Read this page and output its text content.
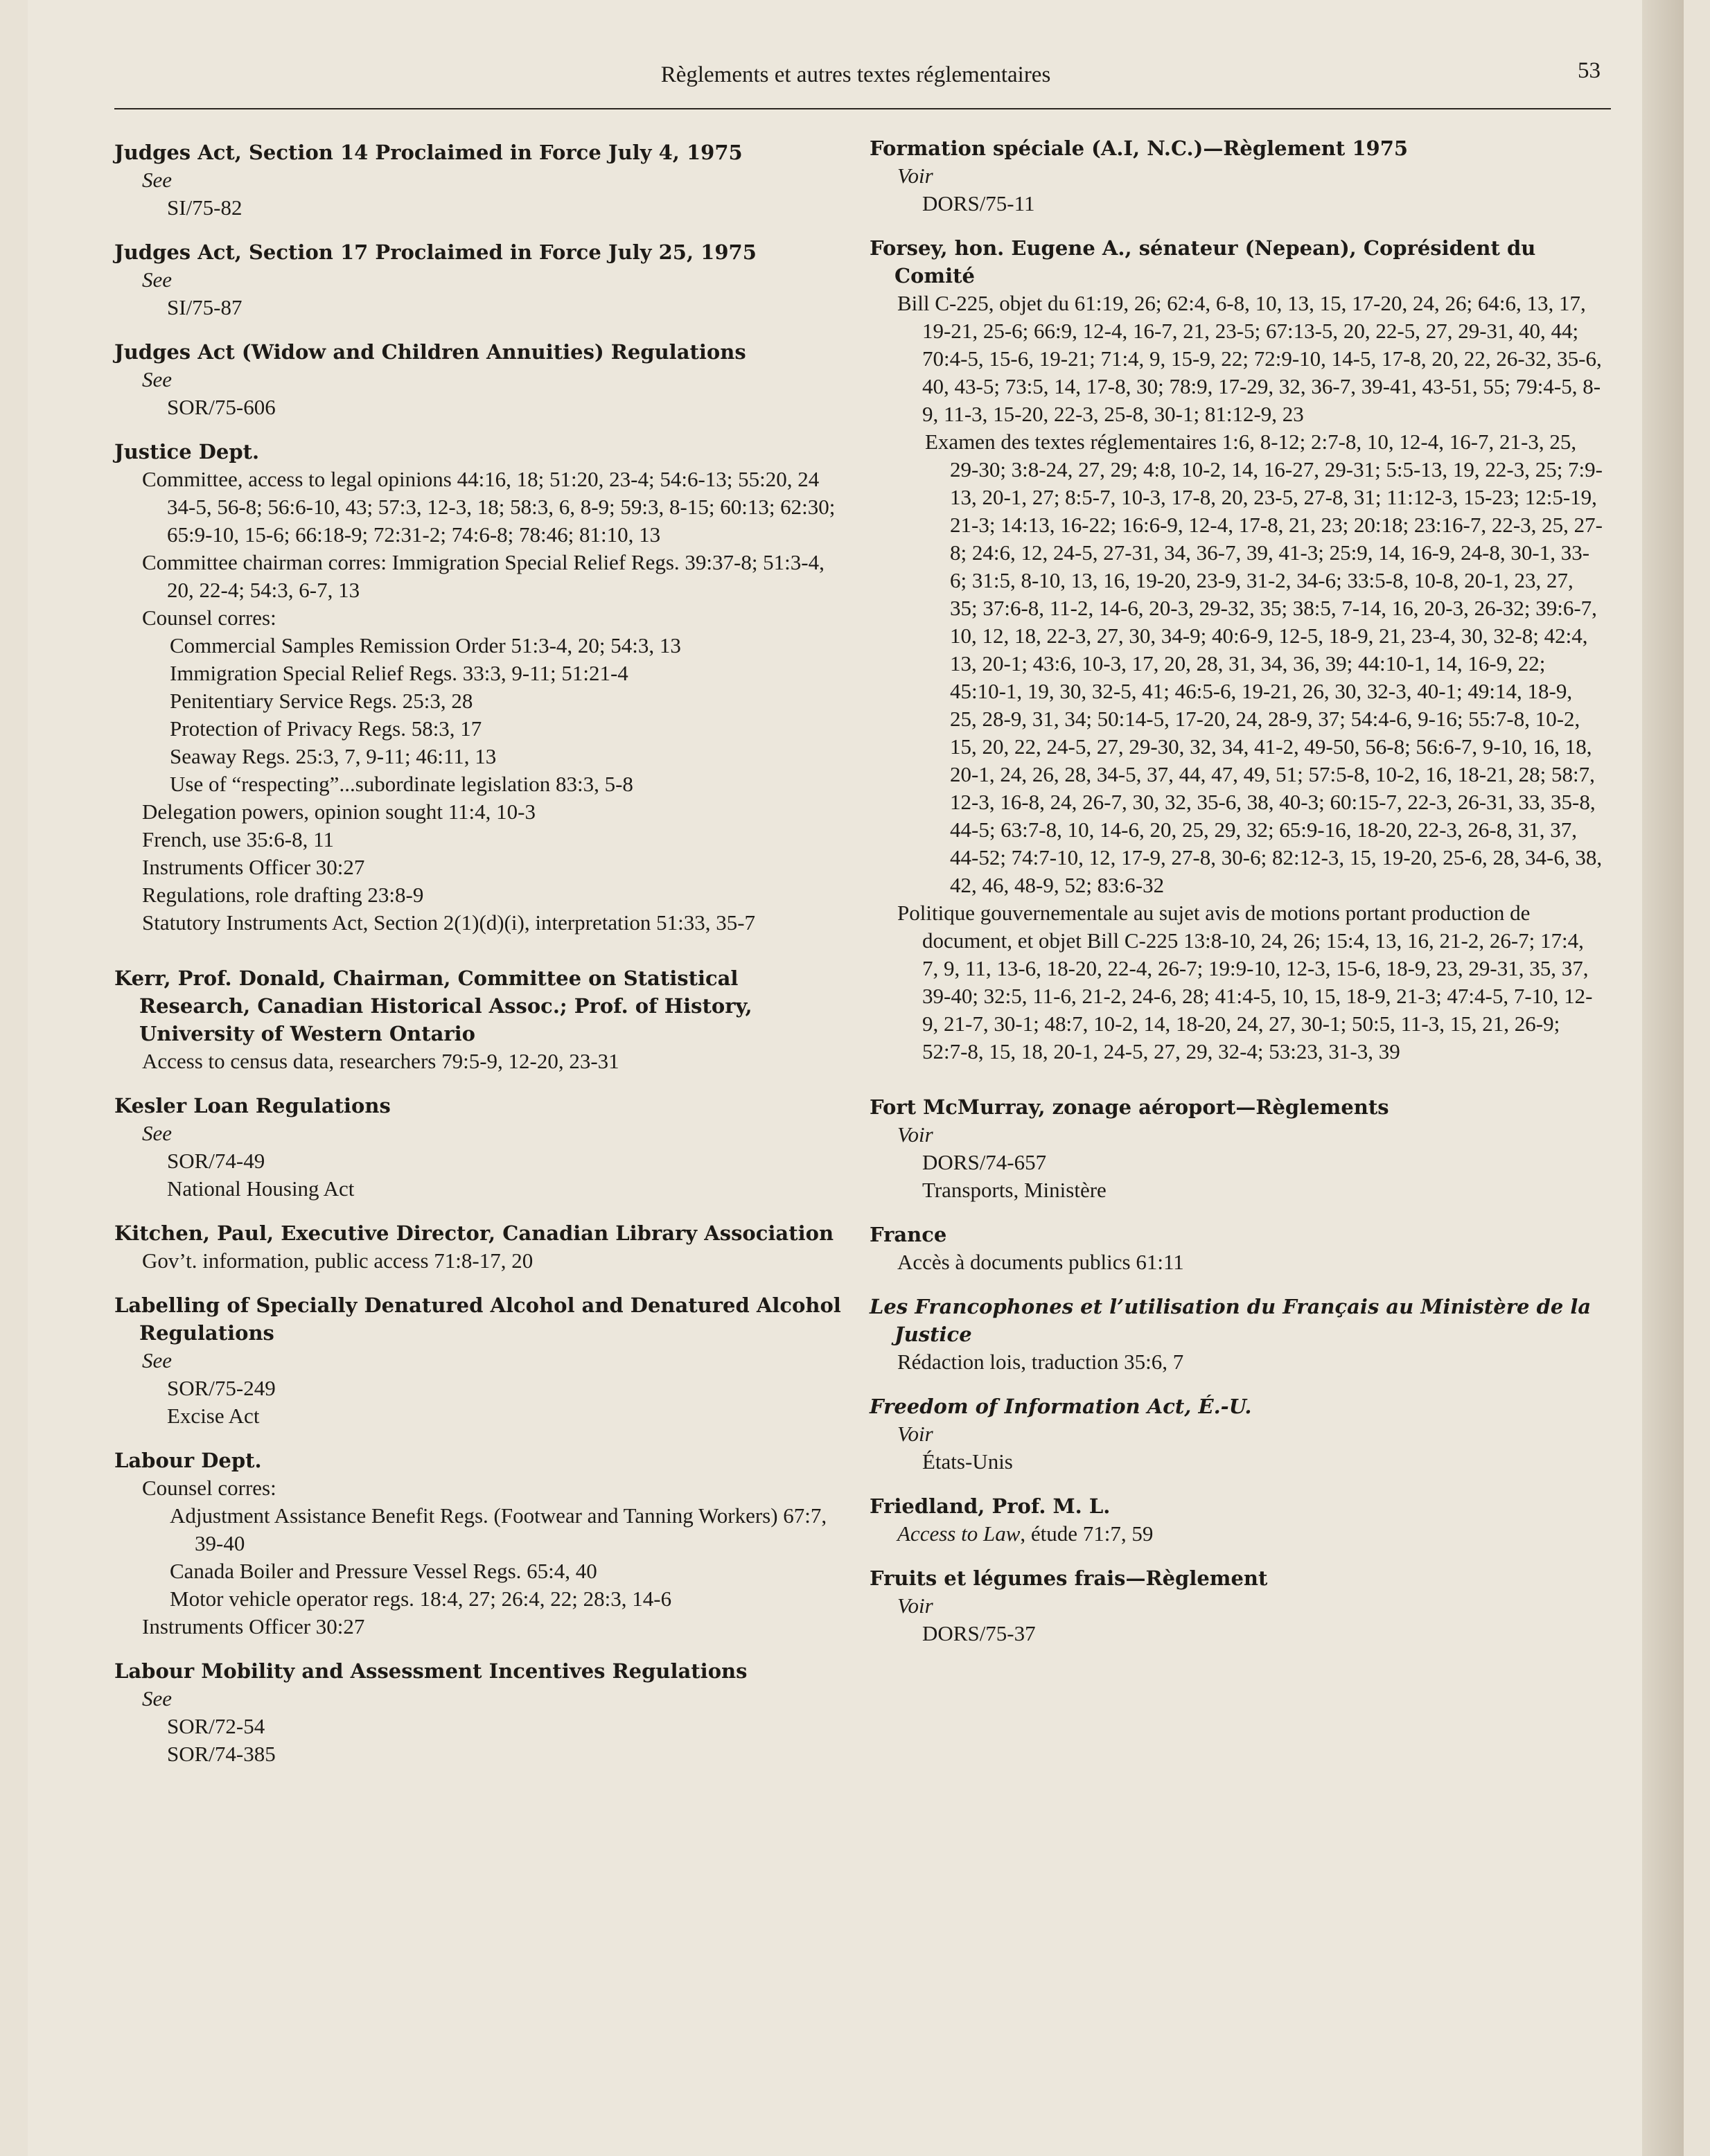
Règlements et autres textes réglementaires	53
Judges Act, Section 14 Proclaimed in Force July 4, 1975
See
SI/75-82
Judges Act, Section 17 Proclaimed in Force July 25, 1975
See
SI/75-87
Judges Act (Widow and Children Annuities) Regulations
See
SOR/75-606
Justice Dept.
Committee, access to legal opinions 44:16, 18; 51:20, 23-4; 54:6-13; 55:20, 24 34-5, 56-8; 56:6-10, 43; 57:3, 12-3, 18; 58:3, 6, 8-9; 59:3, 8-15; 60:13; 62:30; 65:9-10, 15-6; 66:18-9; 72:31-2; 74:6-8; 78:46; 81:10, 13
Committee chairman corres: Immigration Special Relief Regs. 39:37-8; 51:3-4, 20, 22-4; 54:3, 6-7, 13
Counsel corres:
Commercial Samples Remission Order 51:3-4, 20; 54:3, 13
Immigration Special Relief Regs. 33:3, 9-11; 51:21-4
Penitentiary Service Regs. 25:3, 28
Protection of Privacy Regs. 58:3, 17
Seaway Regs. 25:3, 7, 9-11; 46:11, 13
Use of “respecting”...subordinate legislation 83:3, 5-8
Delegation powers, opinion sought 11:4, 10-3
French, use 35:6-8, 11
Instruments Officer 30:27
Regulations, role drafting 23:8-9
Statutory Instruments Act, Section 2(1)(d)(i), interpretation 51:33, 35-7
Kerr, Prof. Donald, Chairman, Committee on Statistical Research, Canadian Historical Assoc.; Prof. of History, University of Western Ontario
Access to census data, researchers 79:5-9, 12-20, 23-31
Kesler Loan Regulations
See
SOR/74-49
National Housing Act
Kitchen, Paul, Executive Director, Canadian Library Association
Gov’t. information, public access 71:8-17, 20
Labelling of Specially Denatured Alcohol and Denatured Alcohol Regulations
See
SOR/75-249
Excise Act
Labour Dept.
Counsel corres:
Adjustment Assistance Benefit Regs. (Footwear and Tanning Workers) 67:7, 39-40
Canada Boiler and Pressure Vessel Regs. 65:4, 40
Motor vehicle operator regs. 18:4, 27; 26:4, 22; 28:3, 14-6
Instruments Officer 30:27
Labour Mobility and Assessment Incentives Regulations
See
SOR/72-54
SOR/74-385
Formation spéciale (A.I, N.C.)—Règlement 1975
Voir
DORS/75-11
Forsey, hon. Eugene A., sénateur (Nepean), Coprésident du Comité
Bill C-225, objet du 61:19, 26; 62:4, 6-8, 10, 13, 15, 17-20, 24, 26; 64:6, 13, 17, 19-21, 25-6; 66:9, 12-4, 16-7, 21, 23-5; 67:13-5, 20, 22-5, 27, 29-31, 40, 44; 70:4-5, 15-6, 19-21; 71:4, 9, 15-9, 22; 72:9-10, 14-5, 17-8, 20, 22, 26-32, 35-6, 40, 43-5; 73:5, 14, 17-8, 30; 78:9, 17-29, 32, 36-7, 39-41, 43-51, 55; 79:4-5, 8-9, 11-3, 15-20, 22-3, 25-8, 30-1; 81:12-9, 23
Examen des textes réglementaires 1:6, 8-12; 2:7-8, 10, 12-4, 16-7, 21-3, 25, 29-30; 3:8-24, 27, 29; 4:8, 10-2, 14, 16-27, 29-31; 5:5-13, 19, 22-3, 25; 7:9-13, 20-1, 27; 8:5-7, 10-3, 17-8, 20, 23-5, 27-8, 31; 11:12-3, 15-23; 12:5-19, 21-3; 14:13, 16-22; 16:6-9, 12-4, 17-8, 21, 23; 20:18; 23:16-7, 22-3, 25, 27-8; 24:6, 12, 24-5, 27-31, 34, 36-7, 39, 41-3; 25:9, 14, 16-9, 24-8, 30-1, 33-6; 31:5, 8-10, 13, 16, 19-20, 23-9, 31-2, 34-6; 33:5-8, 10-8, 20-1, 23, 27, 35; 37:6-8, 11-2, 14-6, 20-3, 29-32, 35; 38:5, 7-14, 16, 20-3, 26-32; 39:6-7, 10, 12, 18, 22-3, 27, 30, 34-9; 40:6-9, 12-5, 18-9, 21, 23-4, 30, 32-8; 42:4, 13, 20-1; 43:6, 10-3, 17, 20, 28, 31, 34, 36, 39; 44:10-1, 14, 16-9, 22; 45:10-1, 19, 30, 32-5, 41; 46:5-6, 19-21, 26, 30, 32-3, 40-1; 49:14, 18-9, 25, 28-9, 31, 34; 50:14-5, 17-20, 24, 28-9, 37; 54:4-6, 9-16; 55:7-8, 10-2, 15, 20, 22, 24-5, 27, 29-30, 32, 34, 41-2, 49-50, 56-8; 56:6-7, 9-10, 16, 18, 20-1, 24, 26, 28, 34-5, 37, 44, 47, 49, 51; 57:5-8, 10-2, 16, 18-21, 28; 58:7, 12-3, 16-8, 24, 26-7, 30, 32, 35-6, 38, 40-3; 60:15-7, 22-3, 26-31, 33, 35-8, 44-5; 63:7-8, 10, 14-6, 20, 25, 29, 32; 65:9-16, 18-20, 22-3, 26-8, 31, 37, 44-52; 74:7-10, 12, 17-9, 27-8, 30-6; 82:12-3, 15, 19-20, 25-6, 28, 34-6, 38, 42, 46, 48-9, 52; 83:6-32
Politique gouvernementale au sujet avis de motions portant production de document, et objet Bill C-225 13:8-10, 24, 26; 15:4, 13, 16, 21-2, 26-7; 17:4, 7, 9, 11, 13-6, 18-20, 22-4, 26-7; 19:9-10, 12-3, 15-6, 18-9, 23, 29-31, 35, 37, 39-40; 32:5, 11-6, 21-2, 24-6, 28; 41:4-5, 10, 15, 18-9, 21-3; 47:4-5, 7-10, 12-9, 21-7, 30-1; 48:7, 10-2, 14, 18-20, 24, 27, 30-1; 50:5, 11-3, 15, 21, 26-9; 52:7-8, 15, 18, 20-1, 24-5, 27, 29, 32-4; 53:23, 31-3, 39
Fort McMurray, zonage aéroport—Règlements
Voir
DORS/74-657
Transports, Ministère
France
Accès à documents publics 61:11
Les Francophones et l’utilisation du Français au Ministère de la Justice
Rédaction lois, traduction 35:6, 7
Freedom of Information Act, É.-U.
Voir
États-Unis
Friedland, Prof. M. L.
Access to Law, étude 71:7, 59
Fruits et légumes frais—Règlement
Voir
DORS/75-37
